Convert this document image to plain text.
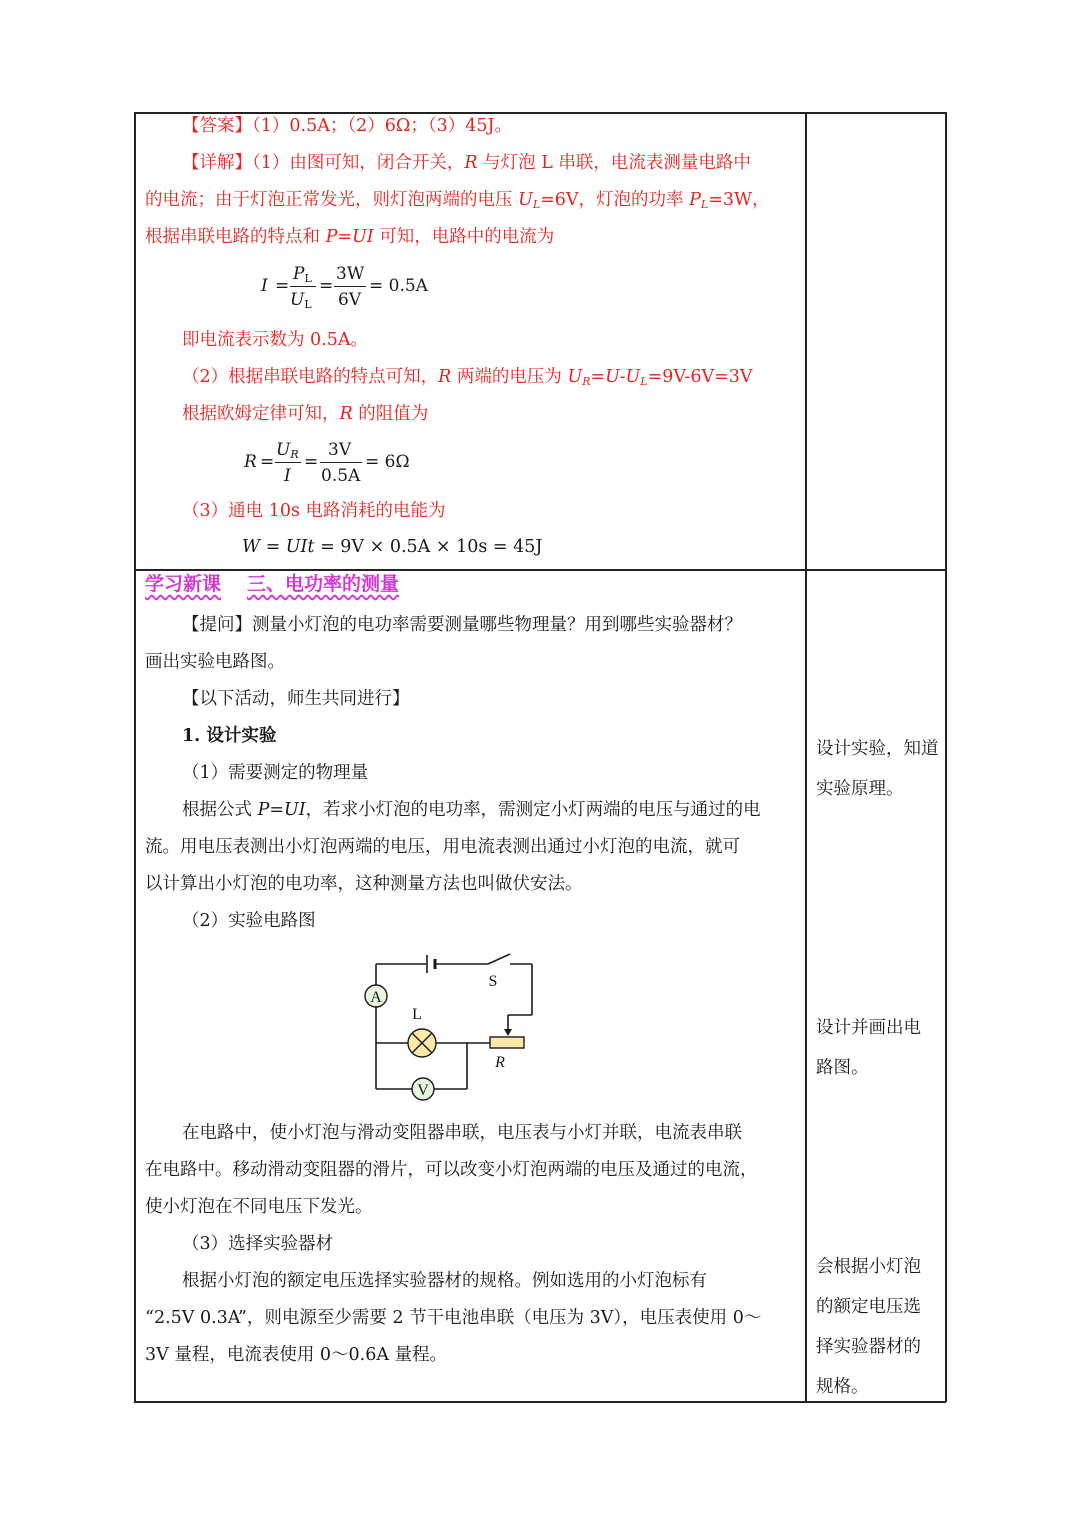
【答案】（1）0.5A；（2）6Ω；（3）45J。
【详解】（1）由图可知，闭合开关，R 与灯泡 L 串联，电流表测量电路中
的电流；由于灯泡正常发光，则灯泡两端的电压 $U_L=6V$，灯泡的功率 $P_L=3W$，
根据串联电路的特点和 P=UI 可知，电路中的电流为
I =
$P_L$
$U_L$
=
3W
6V
= 0.5A
即电流表示数为 0.5A。
（2）根据串联电路的特点可知，R 两端的电压为 $U_R=U-U_L=9V-6V=3V$
根据欧姆定律可知，R 的阻值为
R =
$U_R$
I
=
3V
0.5A
= 6Ω
（3）通电 10s 电路消耗的电能为
W = UIt = 9V × 0.5A × 10s = 45J
学习新课 三、电功率的测量
【提问】测量小灯泡的电功率需要测量哪些物理量？用到哪些实验器材？
画出实验电路图。
【以下活动，师生共同进行】
1. 设计实验
（1）需要测定的物理量
根据公式 P=UI，若求小灯泡的电功率，需测定小灯两端的电压与通过的电
流。用电压表测出小灯泡两端的电压，用电流表测出通过小灯泡的电流，就可
以计算出小灯泡的电功率，这种测量方法也叫做伏安法。
（2）实验电路图
A
V
L
S
R
在电路中，使小灯泡与滑动变阻器串联，电压表与小灯并联，电流表串联
在电路中。移动滑动变阻器的滑片，可以改变小灯泡两端的电压及通过的电流，
使小灯泡在不同电压下发光。
（3）选择实验器材
根据小灯泡的额定电压选择实验器材的规格。例如选用的小灯泡标有
“2.5V 0.3A”，则电源至少需要 2 节干电池串联（电压为 3V），电压表使用 0～
3V 量程，电流表使用 0～0.6A 量程。
设计实验，知道
实验原理。
设计并画出电
路图。
会根据小灯泡
的额定电压选
择实验器材的
规格。
